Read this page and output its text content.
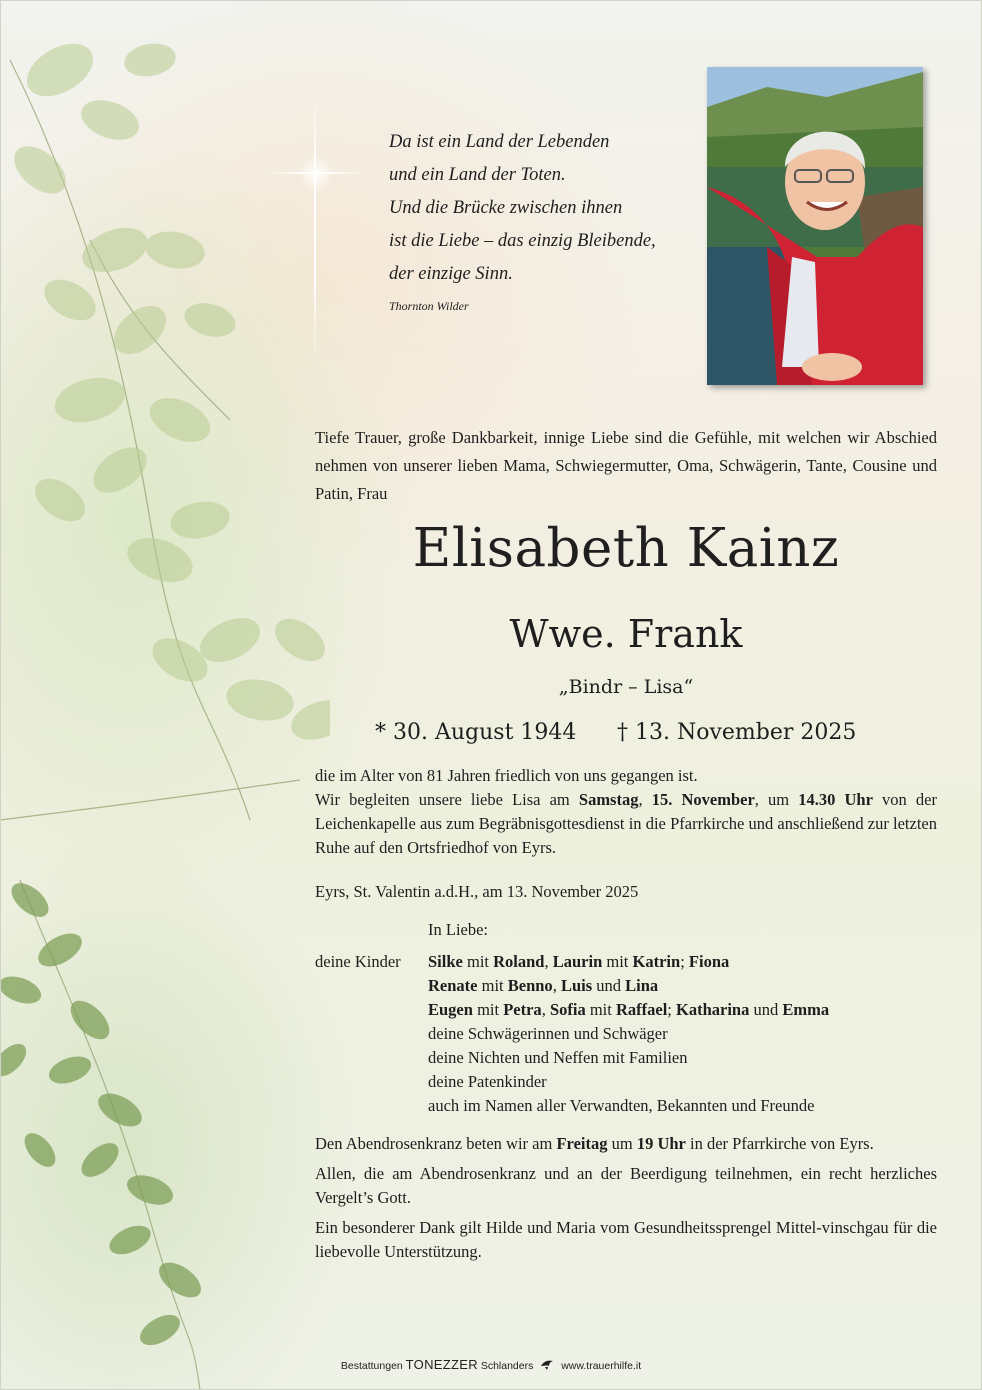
Da ist ein Land der Lebenden
und ein Land der Toten.
Und die Brücke zwischen ihnen
ist die Liebe – das einzig Bleibende,
der einzige Sinn.
Thornton Wilder
Tiefe Trauer, große Dankbarkeit, innige Liebe sind die Gefühle, mit welchen wir Abschied nehmen von unserer lieben Mama, Schwiegermutter, Oma, Schwägerin, Tante, Cousine und Patin, Frau
Elisabeth Kainz
Wwe. Frank
„Bindr – Lisa“
* 30. August 1944 † 13. November 2025

die im Alter von 81 Jahren friedlich von uns gegangen ist.

Wir begleiten unsere liebe Lisa am Samstag, 15. November, um 14.30 Uhr von der Leichenkapelle aus zum Begräbnisgottesdienst in die Pfarrkirche und anschließend zur letzten Ruhe auf den Ortsfriedhof von Eyrs.

Eyrs, St. Valentin a.d.H., am 13. November 2025
In Liebe:
deine Kinder Silke mit Roland, Laurin mit Katrin; Fiona
Renate mit Benno, Luis und Lina
Eugen mit Petra, Sofia mit Raffael; Katharina und Emma
deine Schwägerinnen und Schwäger
deine Nichten und Neffen mit Familien
deine Patenkinder
auch im Namen aller Verwandten, Bekannten und Freunde

Den Abendrosenkranz beten wir am Freitag um 19 Uhr in der Pfarrkirche von Eyrs.

Allen, die am Abendrosenkranz und an der Beerdigung teilnehmen, ein recht herzliches Vergelt’s Gott.

Ein besonderer Dank gilt Hilde und Maria vom Gesundheitssprengel Mittel-vinschgau für die liebevolle Unterstützung.

Bestattungen TONEZZER Schlanders	www.trauerhilfe.it
